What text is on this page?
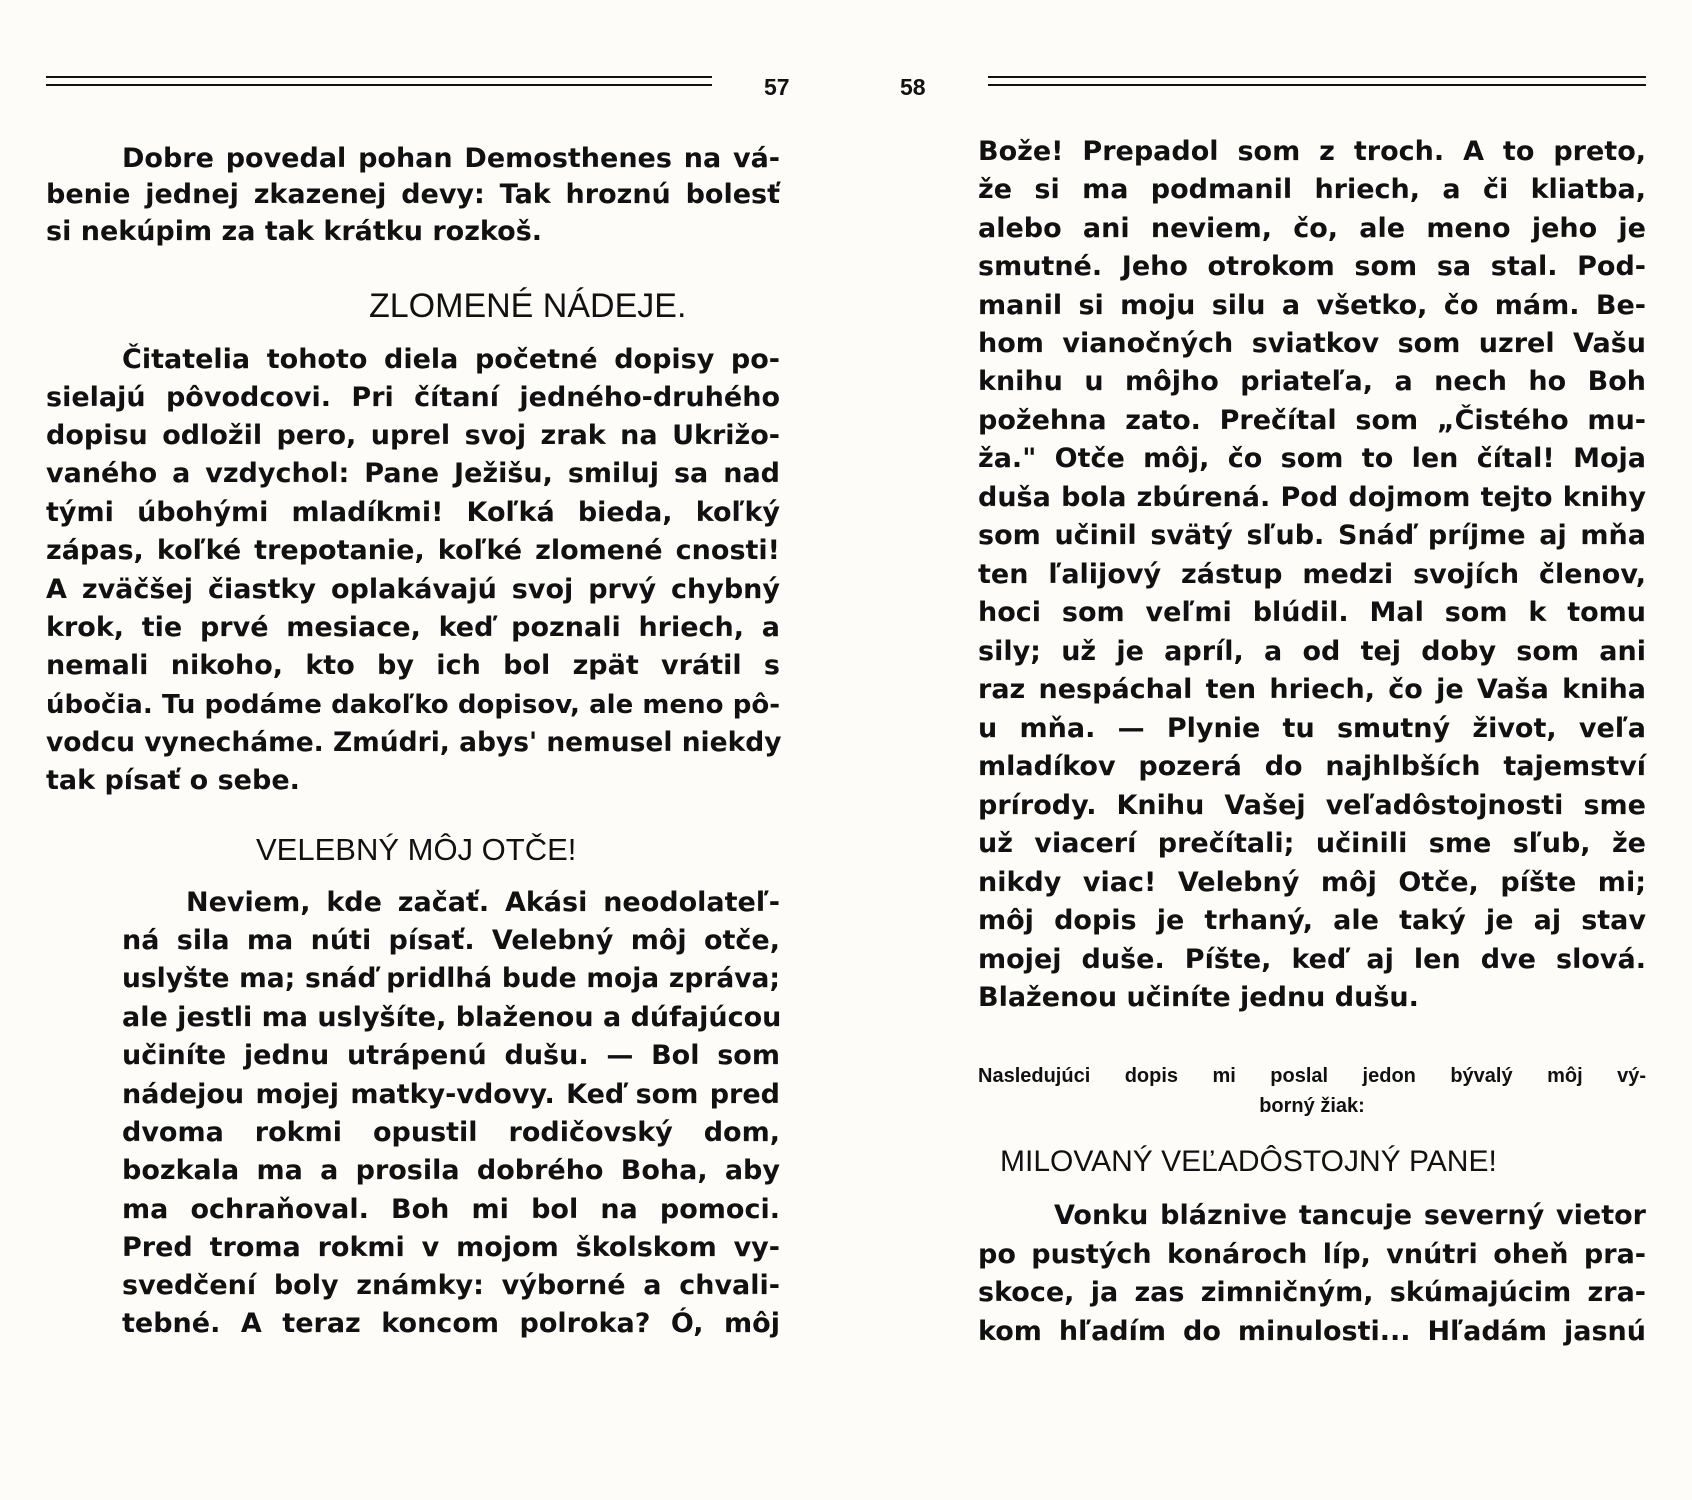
57
Dobre povedal pohan Demosthenes na vá-
benie jednej zkazenej devy: Tak hroznú bolesť
si nekúpim za tak krátku rozkoš.
ZLOMENÉ NÁDEJE.
Čitatelia tohoto diela početné dopisy po-
sielajú pôvodcovi. Pri čítaní jedného-druhého
dopisu odložil pero, uprel svoj zrak na Ukrižo-
vaného a vzdychol: Pane Ježišu, smiluj sa nad
tými úbohými mladíkmi! Koľká bieda, koľký
zápas, koľké trepotanie, koľké zlomené cnosti!
A zväčšej čiastky oplakávajú svoj prvý chybný
krok, tie prvé mesiace, keď poznali hriech, a
nemali nikoho, kto by ich bol zpät vrátil s
úbočia. Tu podáme dakoľko dopisov, ale meno pô-
vodcu vynecháme. Zmúdri, abys' nemusel niekdy
tak písať o sebe.
VELEBNÝ MÔJ OTČE!
Neviem, kde začať. Akási neodolateľ-
ná sila ma núti písať. Velebný môj otče,
uslyšte ma; snáď pridlhá bude moja zpráva;
ale jestli ma uslyšíte, blaženou a dúfajúcou
učiníte jednu utrápenú dušu. — Bol som
nádejou mojej matky-vdovy. Keď som pred
dvoma rokmi opustil rodičovský dom,
bozkala ma a prosila dobrého Boha, aby
ma ochraňoval. Boh mi bol na pomoci.
Pred troma rokmi v mojom školskom vy-
svedčení boly známky: výborné a chvali-
tebné. A teraz koncom polroka? Ó, môj
58
Bože! Prepadol som z troch. A to preto,
že si ma podmanil hriech, a či kliatba,
alebo ani neviem, čo, ale meno jeho je
smutné. Jeho otrokom som sa stal. Pod-
manil si moju silu a všetko, čo mám. Be-
hom vianočných sviatkov som uzrel Vašu
knihu u môjho priateľa, a nech ho Boh
požehna zato. Prečítal som „Čistého mu-
ža." Otče môj, čo som to len čítal! Moja
duša bola zbúrená. Pod dojmom tejto knihy
som učinil svätý sľub. Snáď príjme aj mňa
ten ľalijový zástup medzi svojích členov,
hoci som veľmi blúdil. Mal som k tomu
sily; už je apríl, a od tej doby som ani
raz nespáchal ten hriech, čo je Vaša kniha
u mňa. — Plynie tu smutný život, veľa
mladíkov pozerá do najhlbších tajemství
prírody. Knihu Vašej veľadôstojnosti sme
už viacerí prečítali; učinili sme sľub, že
nikdy viac! Velebný môj Otče, píšte mi;
môj dopis je trhaný, ale taký je aj stav
mojej duše. Píšte, keď aj len dve slová.
Blaženou učiníte jednu dušu.
Nasledujúci dopis mi poslal jedon bývalý môj vý-
borný žiak:
MILOVANÝ VEĽADÔSTOJNÝ PANE!
Vonku bláznive tancuje severný vietor
po pustých konároch líp, vnútri oheň pra-
skoce, ja zas zimničným, skúmajúcim zra-
kom hľadím do minulosti... Hľadám jasnú
